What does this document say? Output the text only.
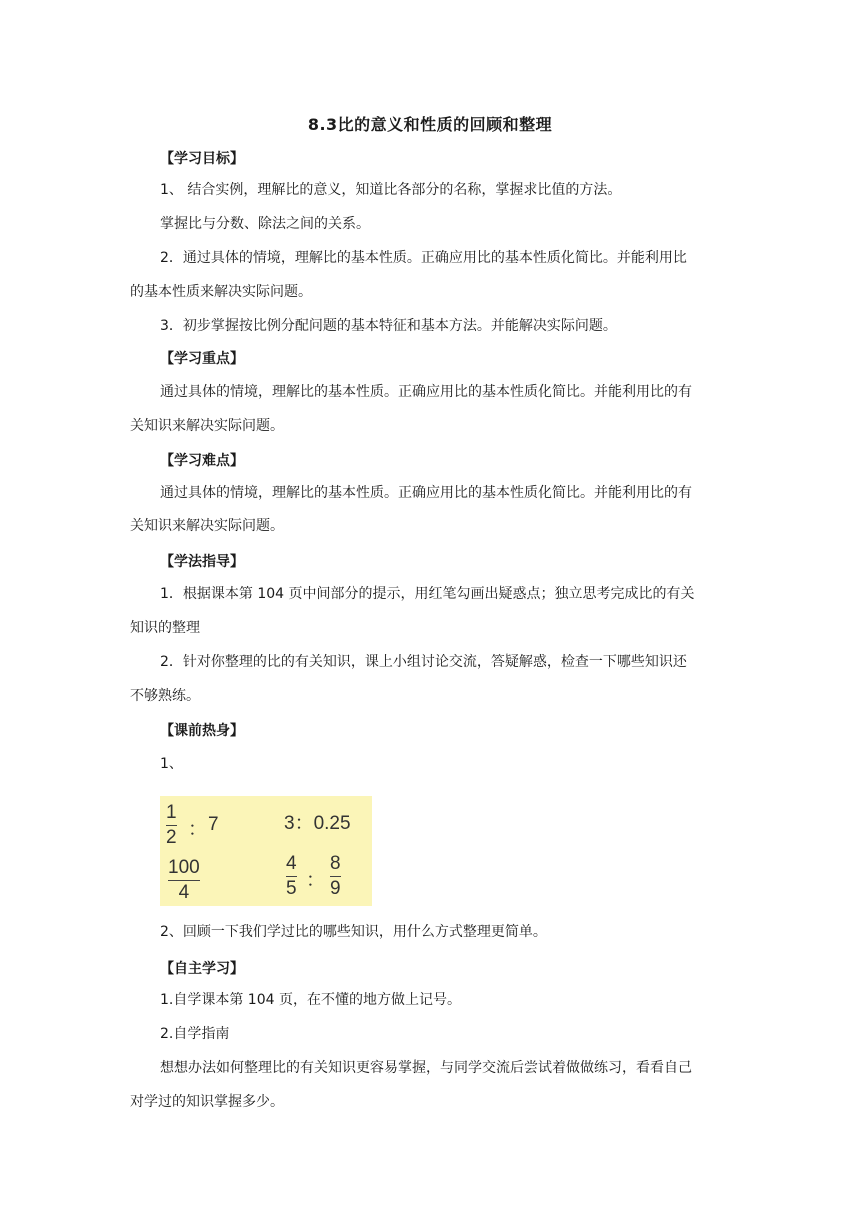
8.3比的意义和性质的回顾和整理
【学习目标】
1、 结合实例，理解比的意义，知道比各部分的名称，掌握求比值的方法。
掌握比与分数、除法之间的关系。
2．通过具体的情境，理解比的基本性质。正确应用比的基本性质化简比。并能利用比
的基本性质来解决实际问题。
3．初步掌握按比例分配问题的基本特征和基本方法。并能解决实际问题。
【学习重点】
通过具体的情境，理解比的基本性质。正确应用比的基本性质化简比。并能利用比的有
关知识来解决实际问题。
【学习难点】
通过具体的情境，理解比的基本性质。正确应用比的基本性质化简比。并能利用比的有
关知识来解决实际问题。
【学法指导】
1．根据课本第 104 页中间部分的提示，用红笔勾画出疑惑点；独立思考完成比的有关
知识的整理
2．针对你整理的比的有关知识，课上小组讨论交流，答疑解惑，检查一下哪些知识还
不够熟练。
【课前热身】
1、
1
2 ： 7	3：0.25
100
4
4
5 ：
8
9
2、回顾一下我们学过比的哪些知识，用什么方式整理更简单。
【自主学习】
1.自学课本第 104 页，在不懂的地方做上记号。
2.自学指南
想想办法如何整理比的有关知识更容易掌握，与同学交流后尝试着做做练习，看看自己
对学过的知识掌握多少。
